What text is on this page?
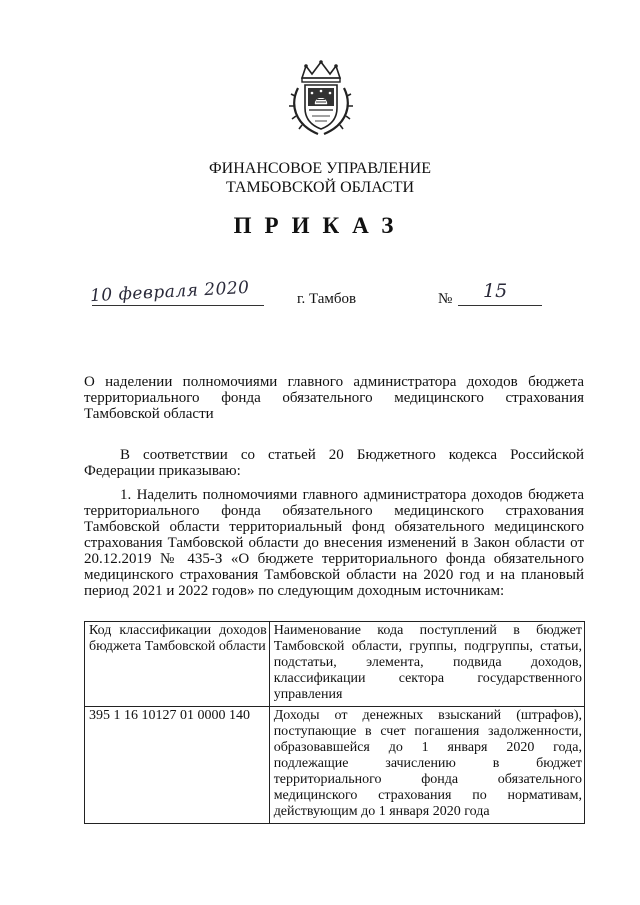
ФИНАНСОВОЕ УПРАВЛЕНИЕ
ТАМБОВСКОЙ ОБЛАСТИ
ПРИКАЗ
10 февраля 2020	г. Тамбов	№ 15
О наделении полномочиями главного администратора доходов бюджета территориального фонда обязательного медицинского страхования Тамбовской области
В соответствии со статьей 20 Бюджетного кодекса Российской Федерации приказываю:
1. Наделить полномочиями главного администратора доходов бюджета территориального фонда обязательного медицинского страхования Тамбовской области территориальный фонд обязательного медицинского страхования Тамбовской области до внесения изменений в Закон области от 20.12.2019 № 435-З «О бюджете территориального фонда обязательного медицинского страхования Тамбовской области на 2020 год и на плановый период 2021 и 2022 годов» по следующим доходным источникам:
Код классификации доходов бюджета Тамбовской области	Наименование кода поступлений в бюджет Тамбовской области, группы, подгруппы, статьи, подстатьи, элемента, подвида доходов, классификации сектора государственного управления
395 1 16 10127 01 0000 140	Доходы от денежных взысканий (штрафов), поступающие в счет погашения задолженности, образовавшейся до 1 января 2020 года, подлежащие зачислению в бюджет территориального фонда обязательного медицинского страхования по нормативам, действующим до 1 января 2020 года
